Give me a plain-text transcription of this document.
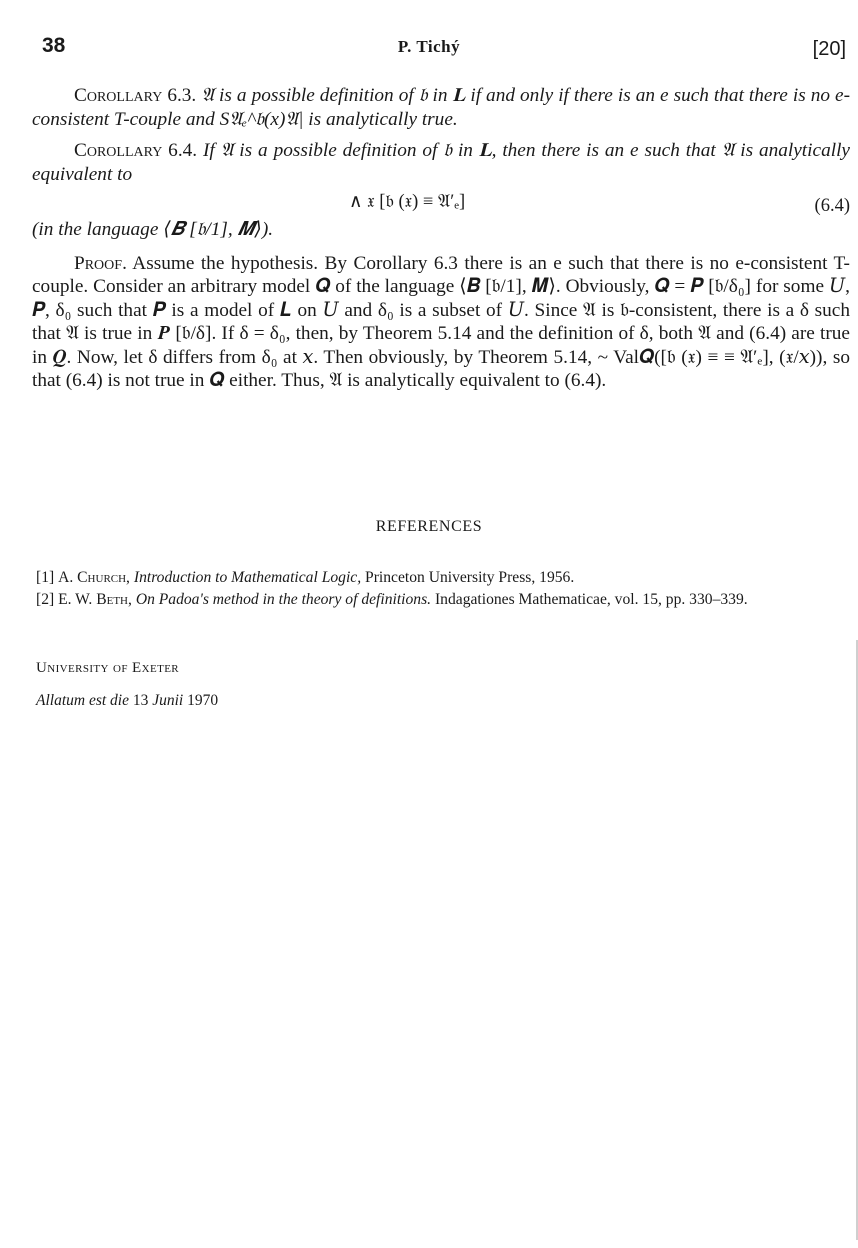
38	P. Tichý	[20]

Corollary 6.3. 𝔄 is a possible definition of 𝔟 in 𝐋 if and only if there is an e such that there is no e-consistent T-couple and S𝔄ₑ^𝔟(x)𝔄| is analytically true.

Corollary 6.4. If 𝔄 is a possible definition of 𝔟 in 𝐋, then there is an e such that 𝔄 is analytically equivalent to

∧ 𝔵 [𝔟 (𝔵) ≡ 𝔄′ₑ]	(6.4)

(in the language ⟨𝑩 [𝔟/1], 𝑴⟩).

Proof. Assume the hypothesis. By Corollary 6.3 there is an e such that there is no e-consistent T-couple. Consider an arbitrary model 𝑸 of the language ⟨𝑩 [𝔟/1], 𝑴⟩. Obviously, 𝑸 = 𝑷 [𝔟/δ₀] for some 𝑈, 𝑷, δ₀ such that 𝑷 is a model of 𝑳 on 𝑈 and δ₀ is a subset of 𝑈. Since 𝔄 is 𝔟-consistent, there is a δ such that 𝔄 is true in 𝑷 [𝔟/δ]. If δ = δ₀, then, by Theorem 5.14 and the definition of δ, both 𝔄 and (6.4) are true in 𝑸. Now, let δ differs from δ₀ at 𝑥. Then obviously, by Theorem 5.14, ~ Val𝑸([𝔟 (𝔵) ≡ ≡ 𝔄′ₑ], (𝔵/𝑥)), so that (6.4) is not true in 𝑸 either. Thus, 𝔄 is analytically equivalent to (6.4).

REFERENCES
[1] A. Church, Introduction to Mathematical Logic, Princeton University Press, 1956.
[2] E. W. Beth, On Padoa's method in the theory of definitions. Indagationes Mathematicae, vol. 15, pp. 330–339.
University of Exeter
Allatum est die 13 Junii 1970
